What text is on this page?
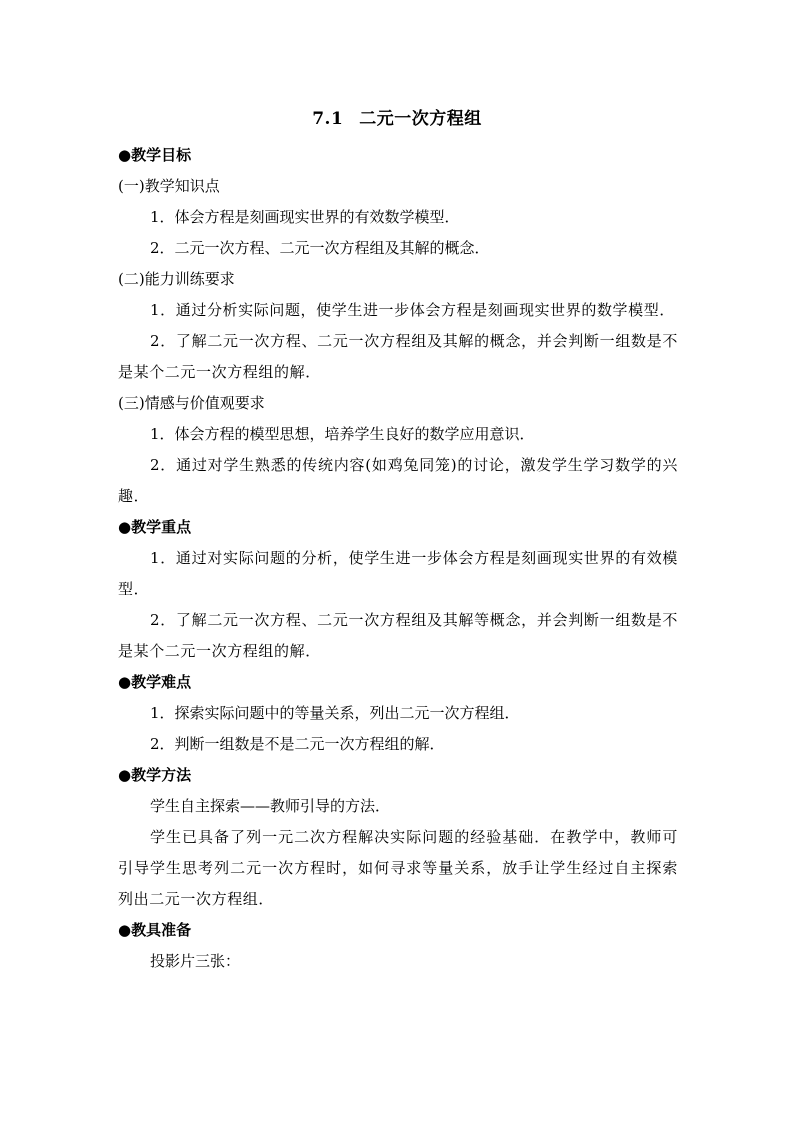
7.1 二元一次方程组
●教学目标
(一)教学知识点
1．体会方程是刻画现实世界的有效数学模型．
2．二元一次方程、二元一次方程组及其解的概念．
(二)能力训练要求
1．通过分析实际问题，使学生进一步体会方程是刻画现实世界的数学模型．
2．了解二元一次方程、二元一次方程组及其解的概念，并会判断一组数是不是某个二元一次方程组的解．
(三)情感与价值观要求
1．体会方程的模型思想，培养学生良好的数学应用意识．
2．通过对学生熟悉的传统内容(如鸡兔同笼)的讨论，激发学生学习数学的兴趣．
●教学重点
1．通过对实际问题的分析，使学生进一步体会方程是刻画现实世界的有效模型．
2．了解二元一次方程、二元一次方程组及其解等概念，并会判断一组数是不是某个二元一次方程组的解．
●教学难点
1．探索实际问题中的等量关系，列出二元一次方程组．
2．判断一组数是不是二元一次方程组的解．
●教学方法
学生自主探索——教师引导的方法．
学生已具备了列一元二次方程解决实际问题的经验基础．在教学中，教师可引导学生思考列二元一次方程时，如何寻求等量关系，放手让学生经过自主探索列出二元一次方程组．
●教具准备
投影片三张：
